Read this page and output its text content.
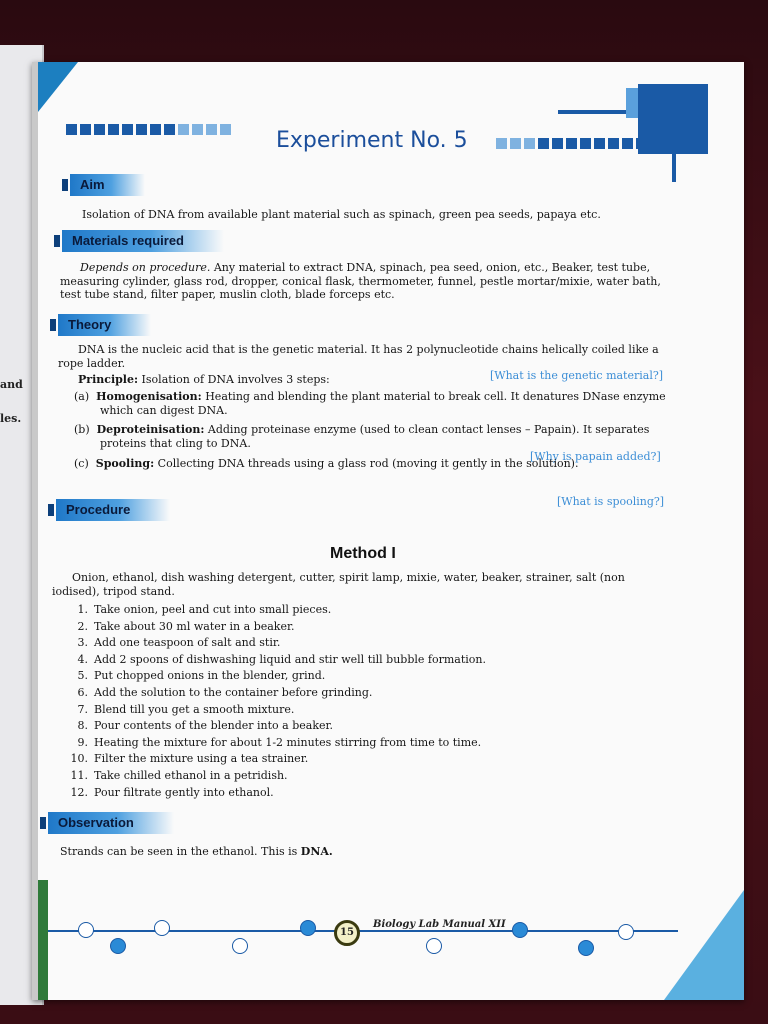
and
les.
Experiment No. 5
Aim
Isolation of DNA from available plant material such as spinach, green pea seeds, papaya etc.
Materials required
Depends on procedure. Any material to extract DNA, spinach, pea seed, onion, etc., Beaker, test tube, measuring cylinder, glass rod, dropper, conical flask, thermometer, funnel, pestle mortar/mixie, water bath, test tube stand, filter paper, muslin cloth, blade forceps etc.
Theory
DNA is the nucleic acid that is the genetic material. It has 2 polynucleotide chains helically coiled like a rope ladder.
[What is the genetic material?]
Principle: Isolation of DNA involves 3 steps:
(a) Homogenisation: Heating and blending the plant material to break cell. It denatures DNase enzyme which can digest DNA.
(b) Deproteinisation: Adding proteinase enzyme (used to clean contact lenses – Papain). It separates proteins that cling to DNA.
[Why is papain added?]
(c) Spooling: Collecting DNA threads using a glass rod (moving it gently in the solution).
[What is spooling?]
Procedure
Method I
Onion, ethanol, dish washing detergent, cutter, spirit lamp, mixie, water, beaker, strainer, salt (non iodised), tripod stand.
1. Take onion, peel and cut into small pieces.
2. Take about 30 ml water in a beaker.
3. Add one teaspoon of salt and stir.
4. Add 2 spoons of dishwashing liquid and stir well till bubble formation.
5. Put chopped onions in the blender, grind.
6. Add the solution to the container before grinding.
7. Blend till you get a smooth mixture.
8. Pour contents of the blender into a beaker.
9. Heating the mixture for about 1-2 minutes stirring from time to time.
10. Filter the mixture using a tea strainer.
11. Take chilled ethanol in a petridish.
12. Pour filtrate gently into ethanol.
Observation
Strands can be seen in the ethanol. This is DNA.
15
Biology Lab Manual XII
